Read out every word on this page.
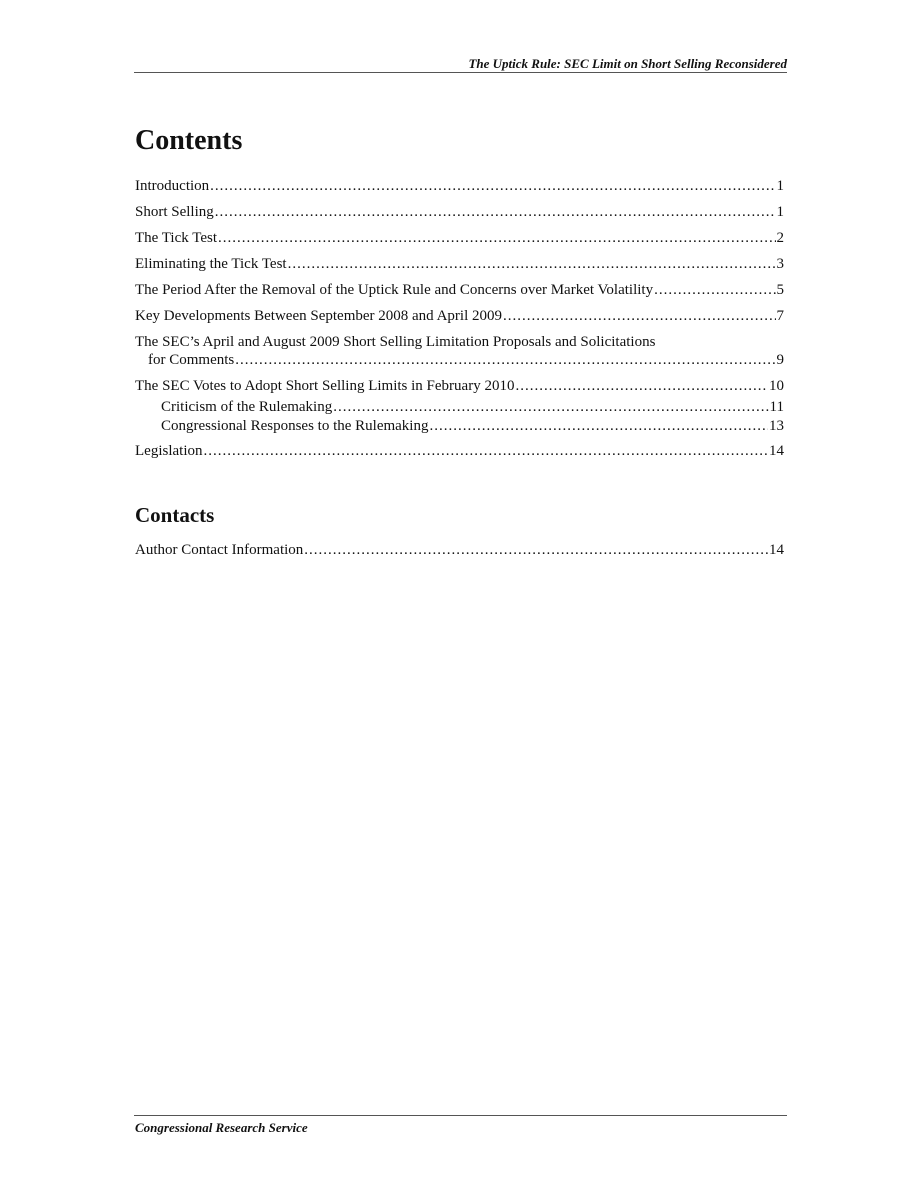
The Uptick Rule: SEC Limit on Short Selling Reconsidered
Contents
Introduction .....	1
Short Selling .....	1
The Tick Test .....	2
Eliminating the Tick Test .....	3
The Period After the Removal of the Uptick Rule and Concerns over Market Volatility .....	5
Key Developments Between September 2008 and April 2009 .....	7
The SEC’s April and August 2009 Short Selling Limitation Proposals and Solicitations
for Comments .....	9
The SEC Votes to Adopt Short Selling Limits in February 2010 .....	10
Criticism of the Rulemaking .....	11
Congressional Responses to the Rulemaking .....	13
Legislation .....	14
Contacts
Author Contact Information .....	14
Congressional Research Service
